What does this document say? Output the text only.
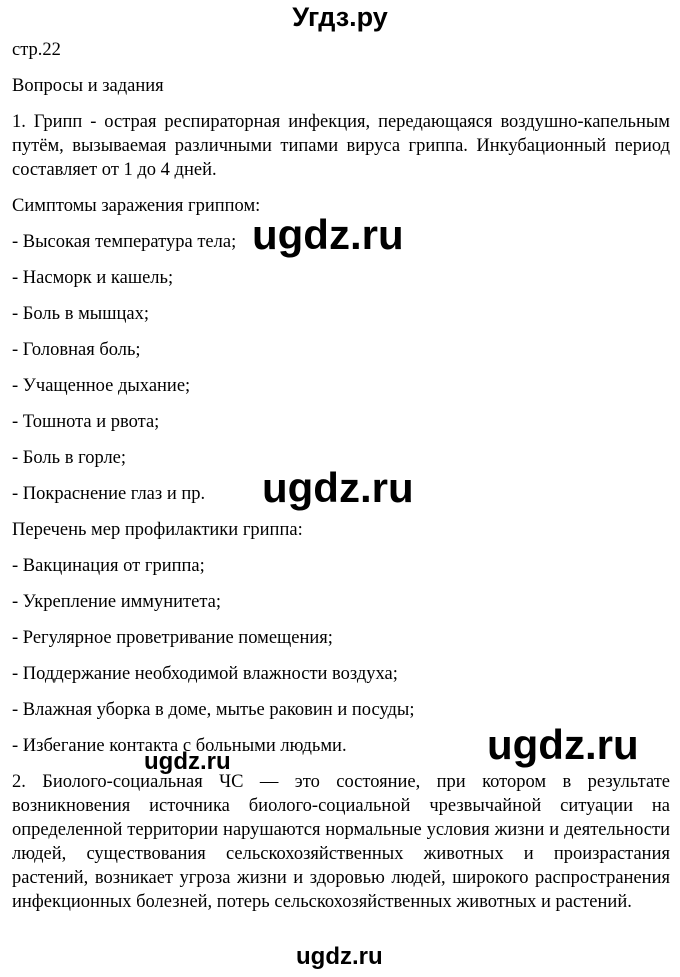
Угдз.ру
стр.22
Вопросы и задания
1. Грипп - острая респираторная инфекция, передающаяся воздушно-капельным путём, вызываемая различными типами вируса гриппа. Инкубационный период составляет от 1 до 4 дней.
Симптомы заражения гриппом:
- Высокая температура тела;
- Насморк и кашель;
- Боль в мышцах;
- Головная боль;
- Учащенное дыхание;
- Тошнота и рвота;
- Боль в горле;
- Покраснение глаз и пр.
Перечень мер профилактики гриппа:
- Вакцинация от гриппа;
- Укрепление иммунитета;
- Регулярное проветривание помещения;
- Поддержание необходимой влажности воздуха;
- Влажная уборка в доме, мытье раковин и посуды;
- Избегание контакта с больными людьми.
2. Биолого-социальная ЧС — это состояние, при котором в результате возникновения источника биолого-социальной чрезвычайной ситуации на определенной территории нарушаются нормальные условия жизни и деятельности людей, существования сельскохозяйственных животных и произрастания растений, возникает угроза жизни и здоровью людей, широкого распространения инфекционных болезней, потерь сельскохозяйственных животных и растений.
ugdz.ru
ugdz.ru
ugdz.ru
ugdz.ru
ugdz.ru
